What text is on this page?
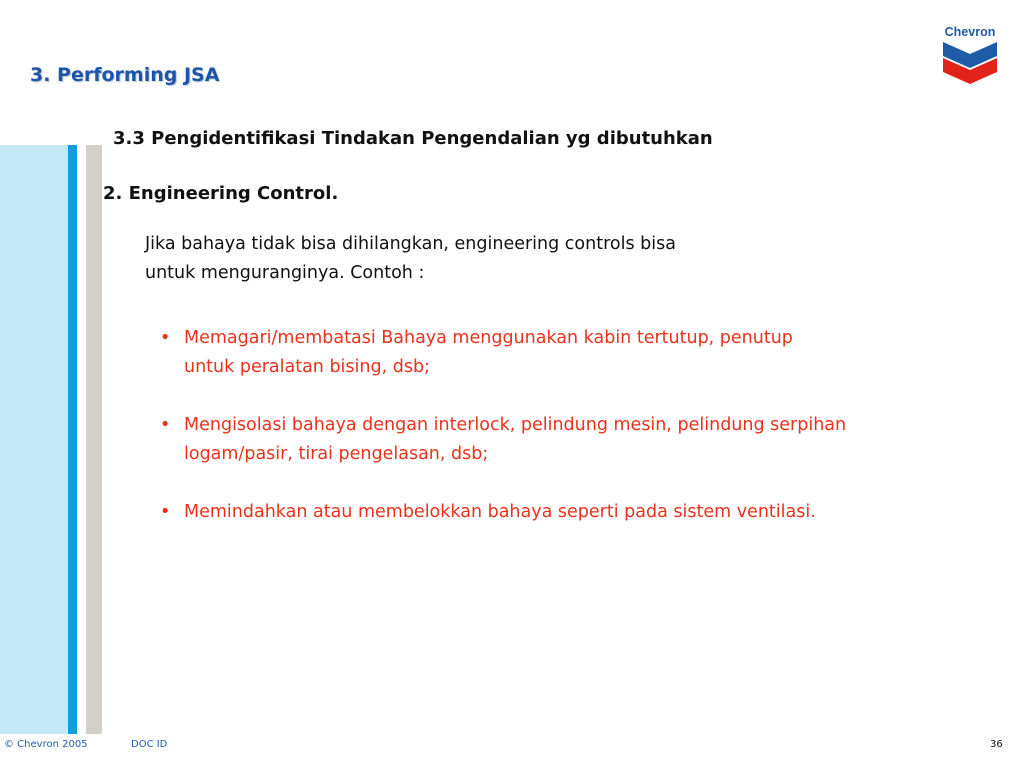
3. Performing JSA
Chevron
3.3 Pengidentifikasi Tindakan Pengendalian yg dibutuhkan
2. Engineering Control.
Jika bahaya tidak bisa dihilangkan, engineering controls bisa
untuk menguranginya. Contoh :
• Memagari/membatasi Bahaya menggunakan kabin tertutup, penutup
untuk peralatan bising, dsb;
• Mengisolasi bahaya dengan interlock, pelindung mesin, pelindung serpihan
logam/pasir, tirai pengelasan, dsb;
• Memindahkan atau membelokkan bahaya seperti pada sistem ventilasi.
© Chevron 2005	DOC ID	36
